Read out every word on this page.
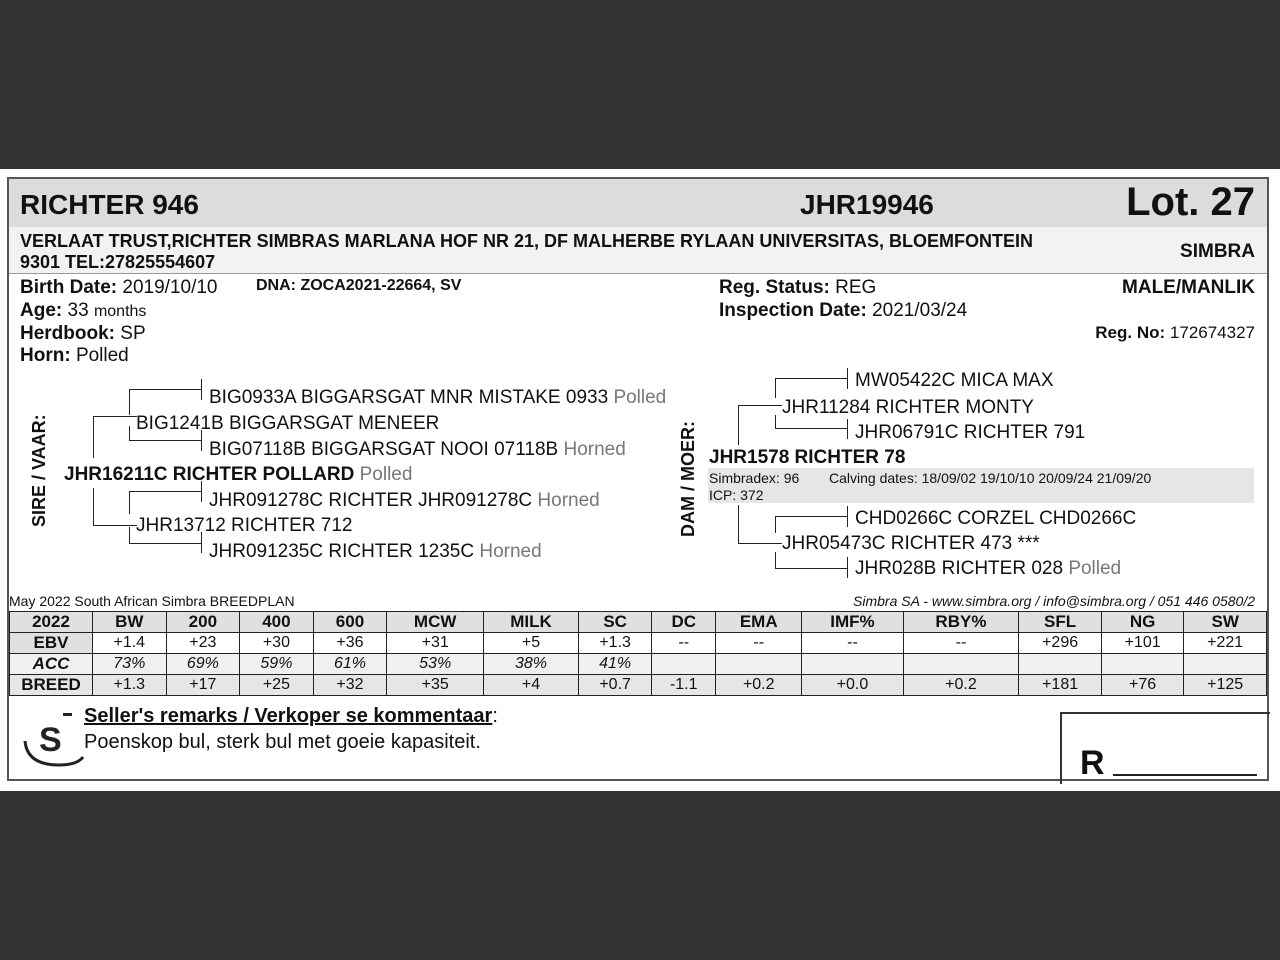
RICHTER 946	JHR19946	Lot. 27
VERLAAT TRUST,RICHTER SIMBRAS MARLANA HOF NR 21, DF MALHERBE RYLAAN UNIVERSITAS, BLOEMFONTEIN
9301 TEL:27825554607	SIMBRA
Birth Date: 2019/10/10 DNA: ZOCA2021-22664, SV
Age: 33 months
Herdbook: SP
Horn: Polled
Reg. Status: REG
Inspection Date: 2021/03/24
MALE/MANLIK
Reg. No: 172674327
SIRE / VAAR:
BIG0933A BIGGARSGAT MNR MISTAKE 0933 Polled
BIG1241B BIGGARSGAT MENEER
BIG07118B BIGGARSGAT NOOI 07118B Horned
JHR16211C RICHTER POLLARD Polled
JHR091278C RICHTER JHR091278C Horned
JHR13712 RICHTER 712
JHR091235C RICHTER 1235C Horned
DAM / MOER:
MW05422C MICA MAX
JHR11284 RICHTER MONTY
JHR06791C RICHTER 791
JHR1578 RICHTER 78
Simbradex: 96 Calving dates: 18/09/02 19/10/10 20/09/24 21/09/20
ICP: 372
CHD0266C CORZEL CHD0266C
JHR05473C RICHTER 473 ***
JHR028B RICHTER 028 Polled
May 2022 South African Simbra BREEDPLAN	Simbra SA - www.simbra.org / info@simbra.org / 051 446 0580/2
2022	BW	200	400	600	MCW	MILK	SC	DC	EMA	IMF%	RBY%	SFL	NG	SW
EBV	+1.4	+23	+30	+36	+31	+5	+1.3	--	--	--	--	+296	+101	+221
ACC	73%	69%	59%	61%	53%	38%	41%							
BREED	+1.3	+17	+25	+32	+35	+4	+0.7	-1.1	+0.2	+0.0	+0.2	+181	+76	+125
S
Seller's remarks / Verkoper se kommentaar:
Poenskop bul, sterk bul met goeie kapasiteit.
R
